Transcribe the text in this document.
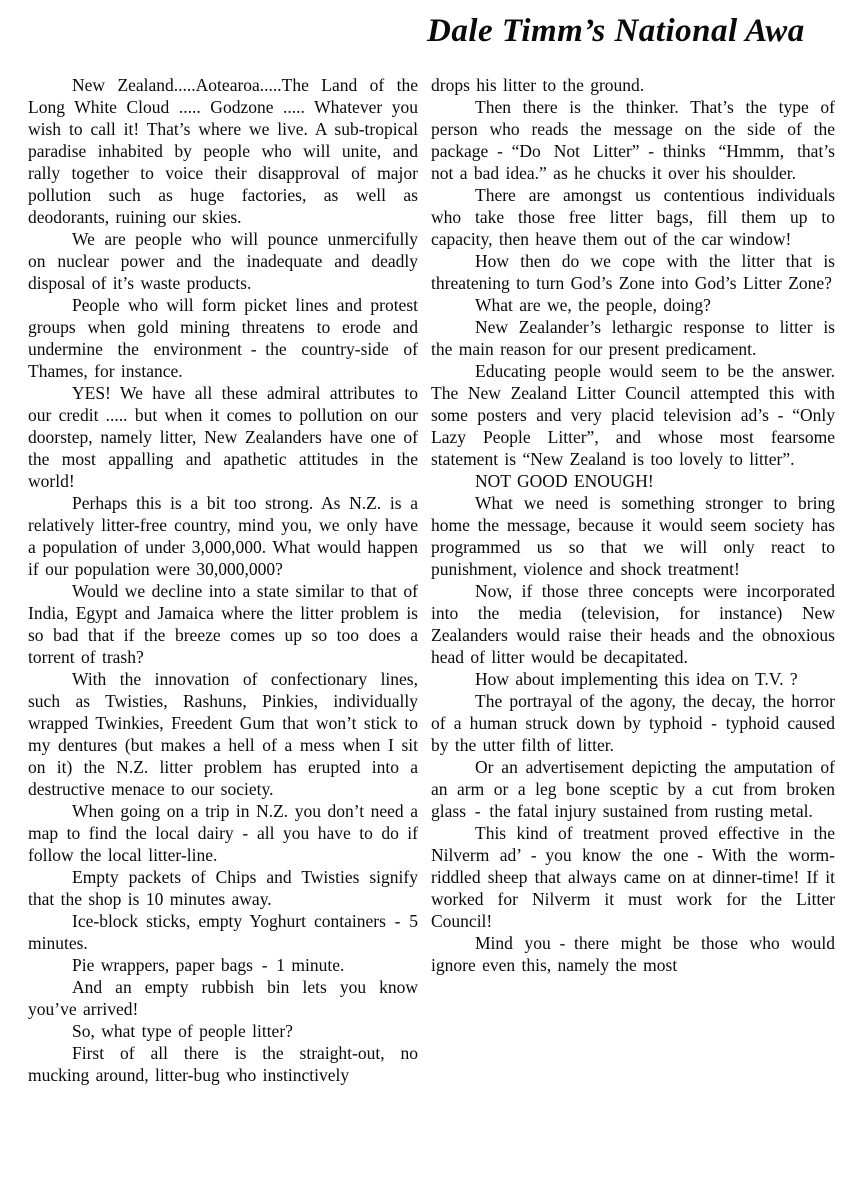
Dale Timm’s National Awa

New Zealand.....Aotearoa.....The Land of the Long White Cloud ..... Godzone ..... Whatever you wish to call it! That’s where we live. A sub-tropical paradise inhabited by people who will unite, and rally together to voice their disapproval of major pollution such as huge factories, as well as deodorants, ruining our skies.

We are people who will pounce unmercifully on nuclear power and the inadequate and deadly disposal of it’s waste products.

People who will form picket lines and protest groups when gold mining threatens to erode and undermine the environment - the country-side of Thames, for instance.

YES! We have all these admiral attributes to our credit ..... but when it comes to pollution on our doorstep, namely litter, New Zealanders have one of the most appalling and apathetic attitudes in the world!

Perhaps this is a bit too strong. As N.Z. is a relatively litter-free country, mind you, we only have a population of under 3,000,000. What would happen if our population were 30,000,000?

Would we decline into a state similar to that of India, Egypt and Jamaica where the litter problem is so bad that if the breeze comes up so too does a torrent of trash?

With the innovation of confectionary lines, such as Twisties, Rashuns, Pinkies, individually wrapped Twinkies, Freedent Gum that won’t stick to my dentures (but makes a hell of a mess when I sit on it) the N.Z. litter problem has erupted into a destructive menace to our society.

When going on a trip in N.Z. you don’t need a map to find the local dairy - all you have to do if follow the local litter-line.

Empty packets of Chips and Twisties signify that the shop is 10 minutes away.

Ice-block sticks, empty Yoghurt containers - 5 minutes.

Pie wrappers, paper bags - 1 minute.

And an empty rubbish bin lets you know you’ve arrived!

So, what type of people litter?

First of all there is the straight-out, no mucking around, litter-bug who instinctively

drops his litter to the ground.

Then there is the thinker. That’s the type of person who reads the message on the side of the package - “Do Not Litter” - thinks “Hmmm, that’s not a bad idea.” as he chucks it over his shoulder.

There are amongst us contentious individuals who take those free litter bags, fill them up to capacity, then heave them out of the car window!

How then do we cope with the litter that is threatening to turn God’s Zone into God’s Litter Zone?

What are we, the people, doing?

New Zealander’s lethargic response to litter is the main reason for our present predicament.

Educating people would seem to be the answer. The New Zealand Litter Council attempted this with some posters and very placid television ad’s - “Only Lazy People Litter”, and whose most fearsome statement is “New Zealand is too lovely to litter”.

NOT GOOD ENOUGH!

What we need is something stronger to bring home the message, because it would seem society has programmed us so that we will only react to punishment, violence and shock treatment!

Now, if those three concepts were incorporated into the media (television, for instance) New Zealanders would raise their heads and the obnoxious head of litter would be decapitated.

How about implementing this idea on T.V. ?

The portrayal of the agony, the decay, the horror of a human struck down by typhoid - typhoid caused by the utter filth of litter.

Or an advertisement depicting the amputation of an arm or a leg bone sceptic by a cut from broken glass - the fatal injury sustained from rusting metal.

This kind of treatment proved effective in the Nilverm ad’ - you know the one - With the worm-riddled sheep that always came on at dinner-time! If it worked for Nilverm it must work for the Litter Council!

Mind you - there might be those who would ignore even this, namely the most
